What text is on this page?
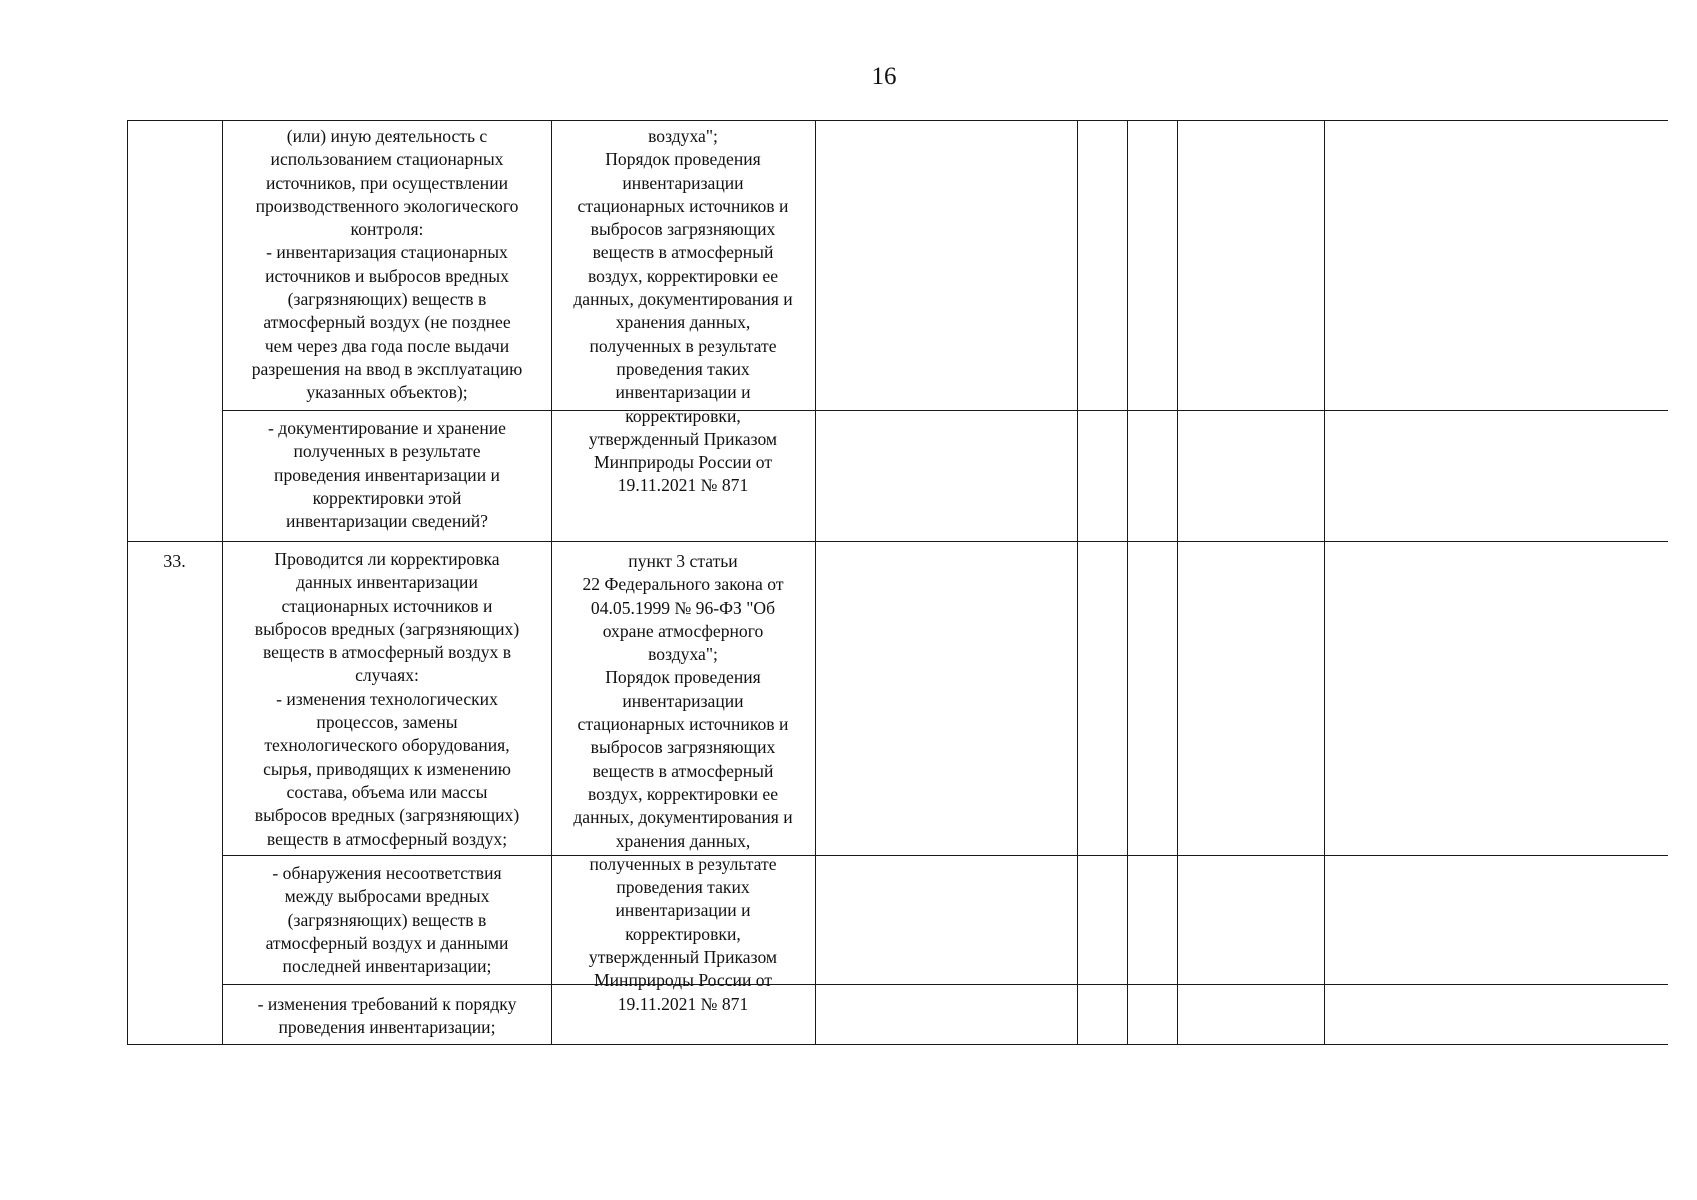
16
(или) иную деятельность с
использованием стационарных
источников, при осуществлении
производственного экологического
контроля:
- инвентаризация стационарных
источников и выбросов вредных
(загрязняющих) веществ в
атмосферный воздух (не позднее
чем через два года после выдачи
разрешения на ввод в эксплуатацию
указанных объектов);
- документирование и хранение
полученных в результате
проведения инвентаризации и
корректировки этой
инвентаризации сведений?
воздуха";
Порядок проведения
инвентаризации
стационарных источников и
выбросов загрязняющих
веществ в атмосферный
воздух, корректировки ее
данных, документирования и
хранения данных,
полученных в результате
проведения таких
инвентаризации и
корректировки,
утвержденный Приказом
Минприроды России от
19.11.2021 № 871
33.	Проводится ли корректировка
данных инвентаризации
стационарных источников и
выбросов вредных (загрязняющих)
веществ в атмосферный воздух в
случаях:
- изменения технологических
процессов, замены
технологического оборудования,
сырья, приводящих к изменению
состава, объема или массы
выбросов вредных (загрязняющих)
веществ в атмосферный воздух;
- обнаружения несоответствия
между выбросами вредных
(загрязняющих) веществ в
атмосферный воздух и данными
последней инвентаризации;
- изменения требований к порядку
проведения инвентаризации;
пункт 3 статьи
22 Федерального закона от
04.05.1999 № 96-ФЗ "Об
охране атмосферного
воздуха";
Порядок проведения
инвентаризации
стационарных источников и
выбросов загрязняющих
веществ в атмосферный
воздух, корректировки ее
данных, документирования и
хранения данных,
полученных в результате
проведения таких
инвентаризации и
корректировки,
утвержденный Приказом
Минприроды России от
19.11.2021 № 871
